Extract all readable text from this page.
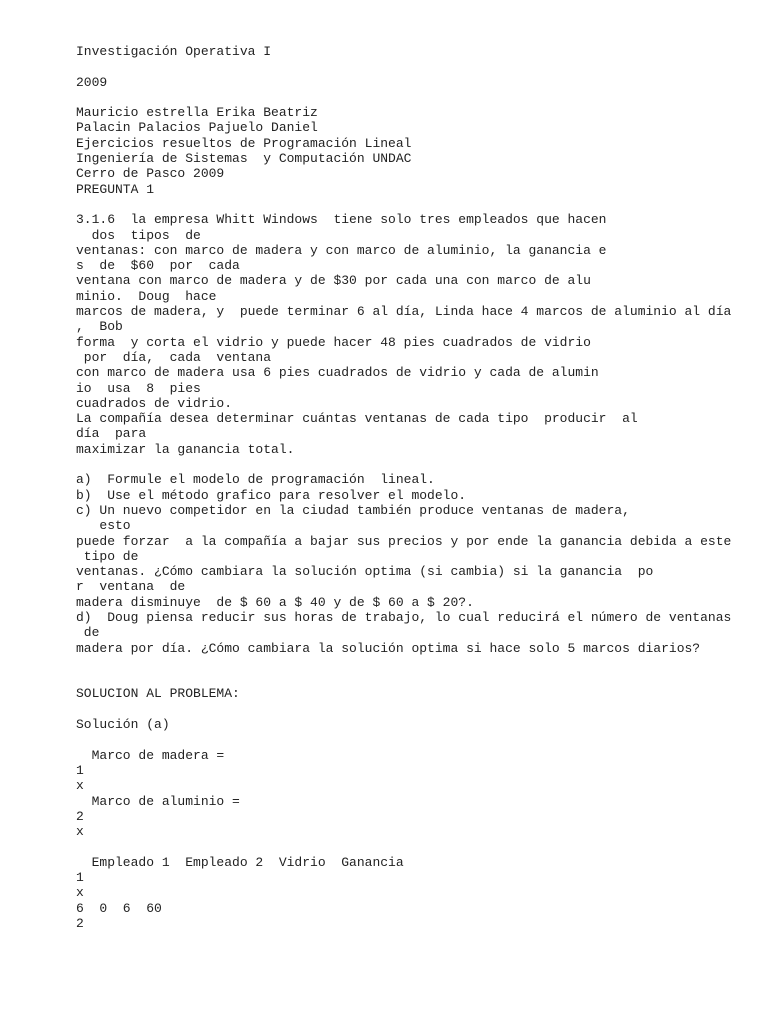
Investigación Operativa I
2009
Mauricio estrella Erika Beatriz
Palacin Palacios Pajuelo Daniel
Ejercicios resueltos de Programación Lineal
Ingeniería de Sistemas  y Computación UNDAC
Cerro de Pasco 2009
PREGUNTA 1
3.1.6  la empresa Whitt Windows  tiene solo tres empleados que hacen
dos  tipos  de
ventanas: con marco de madera y con marco de aluminio, la ganancia e
s  de  $60  por  cada
ventana con marco de madera y de $30 por cada una con marco de alu
minio.  Doug  hace
marcos de madera, y  puede terminar 6 al día, Linda hace 4 marcos de aluminio al día
,  Bob
forma  y corta el vidrio y puede hacer 48 pies cuadrados de vidrio
por  día,  cada  ventana
con marco de madera usa 6 pies cuadrados de vidrio y cada de alumin
io  usa  8  pies
cuadrados de vidrio.
La compañía desea determinar cuántas ventanas de cada tipo  producir  al
día  para
maximizar la ganancia total.
a)  Formule el modelo de programación  lineal.
b)  Use el método grafico para resolver el modelo.
c) Un nuevo competidor en la ciudad también produce ventanas de madera,
esto
puede forzar  a la compañía a bajar sus precios y por ende la ganancia debida a este
tipo de
ventanas. ¿Cómo cambiara la solución optima (si cambia) si la ganancia  po
r  ventana  de
madera disminuye  de $ 60 a $ 40 y de $ 60 a $ 20?.
d)  Doug piensa reducir sus horas de trabajo, lo cual reducirá el número de ventanas
de
madera por día. ¿Cómo cambiara la solución optima si hace solo 5 marcos diarios?
SOLUCION AL PROBLEMA:
Solución (a)
Marco de madera =
1
x
Marco de aluminio =
2
x
Empleado 1  Empleado 2  Vidrio  Ganancia
1
x
6  0  6  60
2
